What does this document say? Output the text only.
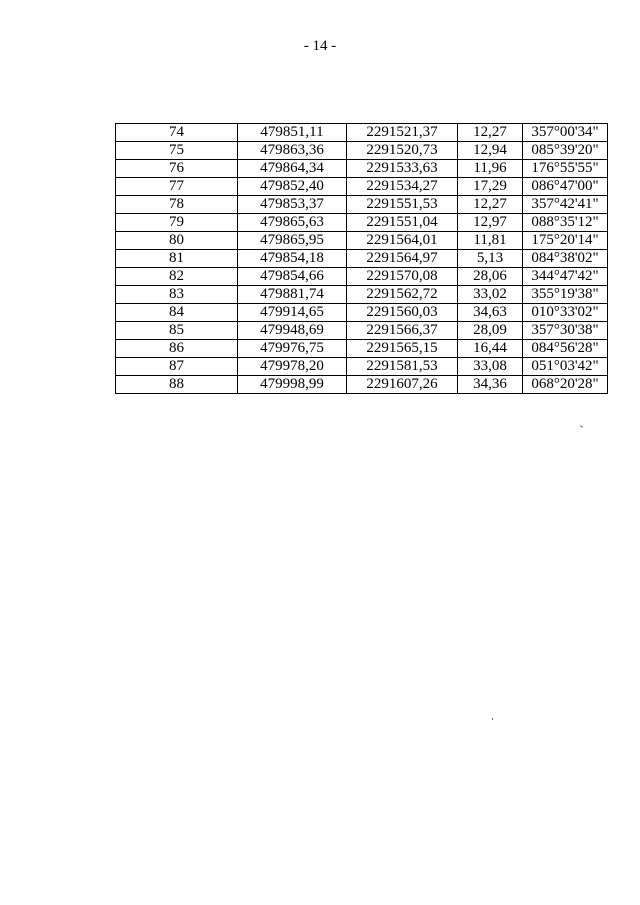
- 14 -
74	479851,11	2291521,37	12,27	357°00'34"
75	479863,36	2291520,73	12,94	085°39'20"
76	479864,34	2291533,63	11,96	176°55'55"
77	479852,40	2291534,27	17,29	086°47'00"
78	479853,37	2291551,53	12,27	357°42'41"
79	479865,63	2291551,04	12,97	088°35'12"
80	479865,95	2291564,01	11,81	175°20'14"
81	479854,18	2291564,97	5,13	084°38'02"
82	479854,66	2291570,08	28,06	344°47'42"
83	479881,74	2291562,72	33,02	355°19'38"
84	479914,65	2291560,03	34,63	010°33'02"
85	479948,69	2291566,37	28,09	357°30'38"
86	479976,75	2291565,15	16,44	084°56'28"
87	479978,20	2291581,53	33,08	051°03'42"
88	479998,99	2291607,26	34,36	068°20'28"
